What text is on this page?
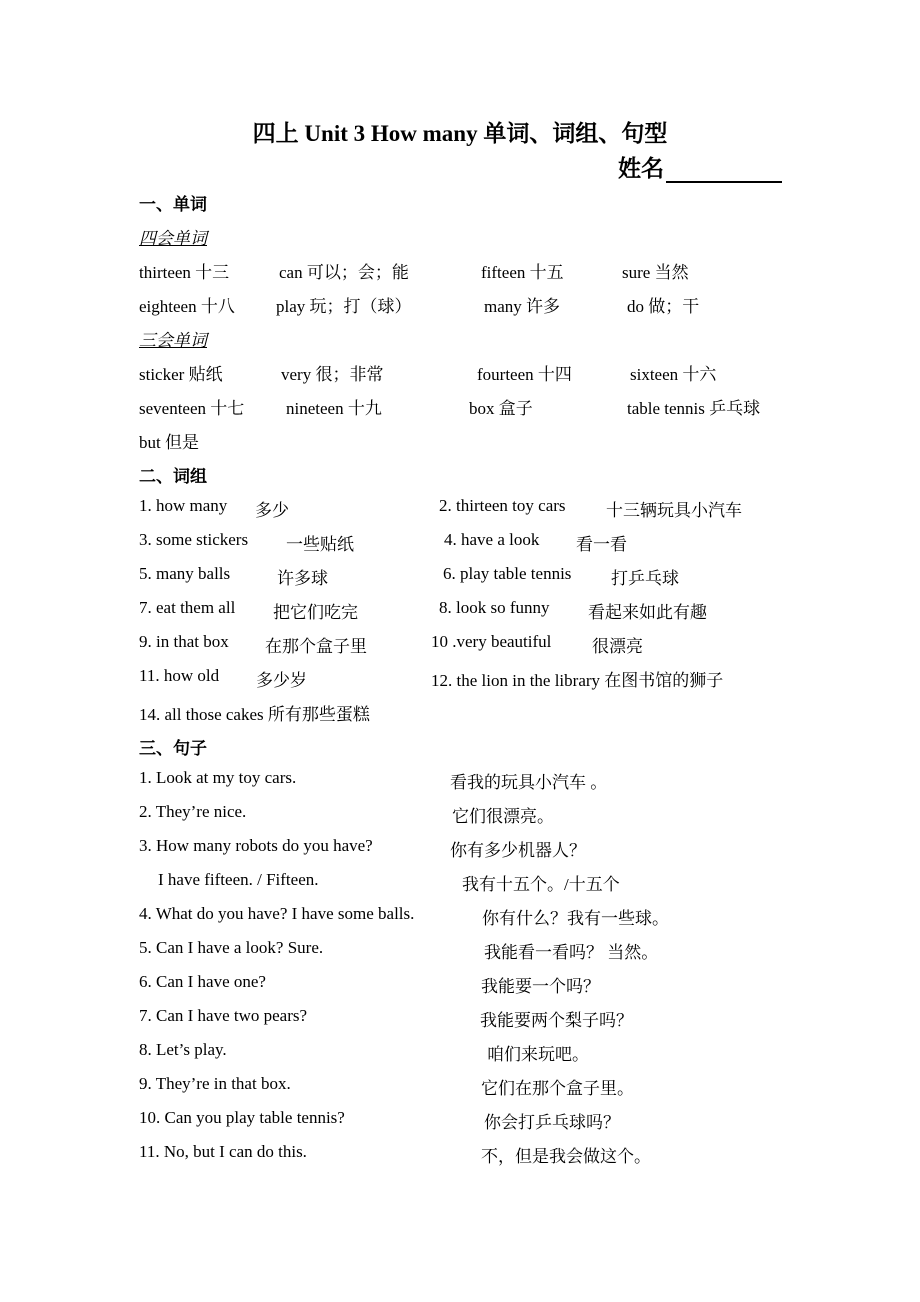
四上 Unit 3 How many 单词、词组、句型
姓名
一、单词
四会单词
thirteen 十三	can 可以；会；能	fifteen 十五	sure 当然
eighteen 十八 play 玩；打（球）	many 许多	do 做；干
三会单词
sticker 贴纸	very 很；非常	fourteen 十四	sixteen 十六
seventeen 十七 nineteen 十九	box 盒子	table tennis 乒乓球
but 但是
二、词组
1. how many 多少	2. thirteen toy cars 十三辆玩具小汽车
3. some stickers 一些贴纸	4. have a look 看一看
5. many balls	许多球	6. play table tennis 打乒乓球
7. eat them all 把它们吃完	8. look so funny 看起来如此有趣
9. in that box 在那个盒子里	10 .very beautiful 很漂亮
11. how old 多少岁	12. the lion in the library 在图书馆的狮子
14. all those cakes 所有那些蛋糕
三、句子
1. Look at my toy cars.	看我的玩具小汽车 。
2. They’re nice.	它们很漂亮。
3. How many robots do you have?	你有多少机器人？
I have fifteen. / Fifteen.	我有十五个。/十五个
4. What do you have? I have some balls.	你有什么？我有一些球。
5. Can I have a look? Sure.	我能看一看吗？ 当然。
6. Can I have one?	我能要一个吗？
7. Can I have two pears?	我能要两个梨子吗？
8. Let’s play.	咱们来玩吧。
9. They’re in that box.	它们在那个盒子里。
10. Can you play table tennis?	你会打乒乓球吗？
11. No, but I can do this.	不，但是我会做这个。
